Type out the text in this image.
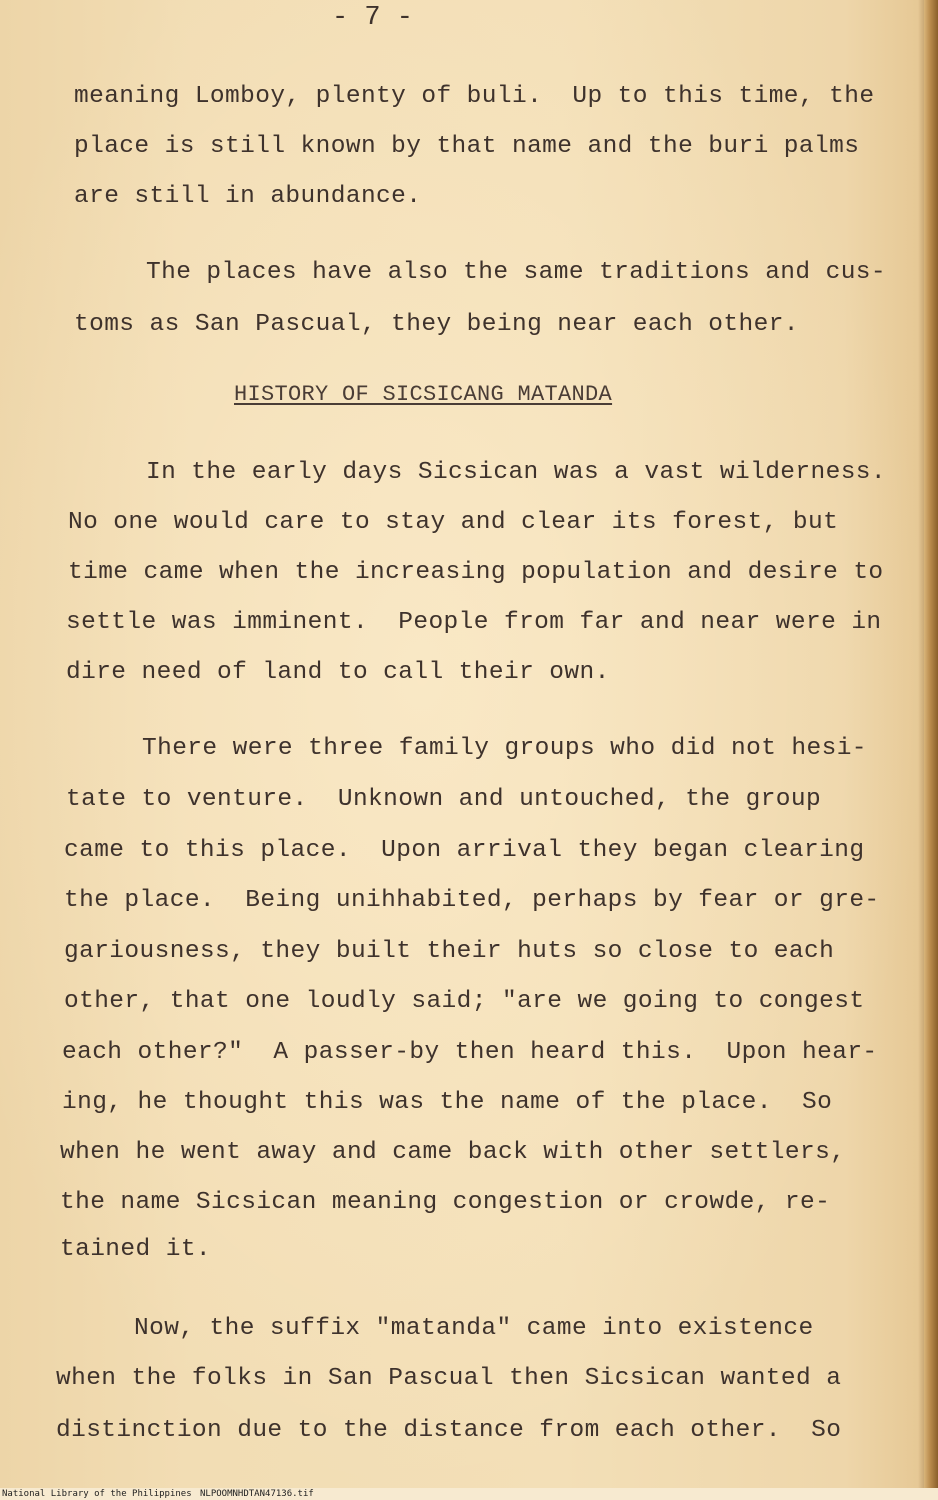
- 7 -
meaning Lomboy, plenty of buli.  Up to this time, the
place is still known by that name and the buri palms
are still in abundance.
The places have also the same traditions and cus-
toms as San Pascual, they being near each other.
HISTORY OF SICSICANG MATANDA
In the early days Sicsican was a vast wilderness.
No one would care to stay and clear its forest, but
time came when the increasing population and desire to
settle was imminent.  People from far and near were in
dire need of land to call their own.
There were three family groups who did not hesi-
tate to venture.  Unknown and untouched, the group
came to this place.  Upon arrival they began clearing
the place.  Being unihhabited, perhaps by fear or gre-
gariousness, they built their huts so close to each
other, that one loudly said; "are we going to congest
each other?"  A passer-by then heard this.  Upon hear-
ing, he thought this was the name of the place.  So
when he went away and came back with other settlers,
the name Sicsican meaning congestion or crowde, re-
tained it.
Now, the suffix "matanda" came into existence
when the folks in San Pascual then Sicsican wanted a
distinction due to the distance from each other.  So
National Library of the Philippines NLPOOMNHDTAN47136.tif
